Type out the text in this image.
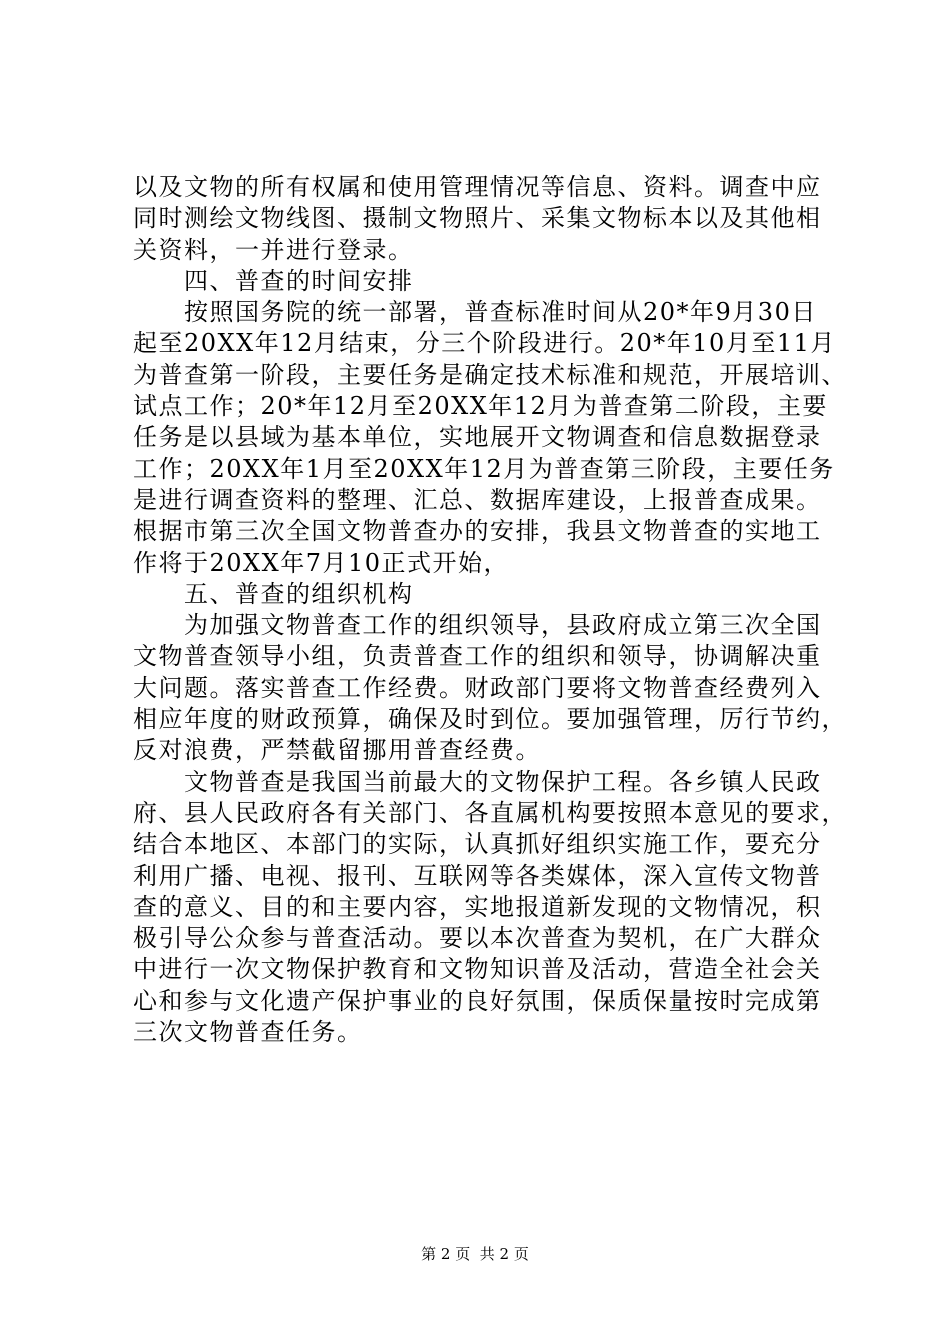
以及文物的所有权属和使用管理情况等信息、资料。调查中应
同时测绘文物线图、摄制文物照片、采集文物标本以及其他相
关资料，一并进行登录。
　　四、普查的时间安排
　　按照国务院的统一部署，普查标准时间从20*年9月30日
起至20XX年12月结束，分三个阶段进行。20*年10月至11月
为普查第一阶段，主要任务是确定技术标准和规范，开展培训、
试点工作；20*年12月至20XX年12月为普查第二阶段，主要
任务是以县域为基本单位，实地展开文物调查和信息数据登录
工作；20XX年1月至20XX年12月为普查第三阶段，主要任务
是进行调查资料的整理、汇总、数据库建设，上报普查成果。
根据市第三次全国文物普查办的安排，我县文物普查的实地工
作将于20XX年7月10正式开始，
　　五、普查的组织机构
　　为加强文物普查工作的组织领导，县政府成立第三次全国
文物普查领导小组，负责普查工作的组织和领导，协调解决重
大问题。落实普查工作经费。财政部门要将文物普查经费列入
相应年度的财政预算，确保及时到位。要加强管理，厉行节约，
反对浪费，严禁截留挪用普查经费。
　　文物普查是我国当前最大的文物保护工程。各乡镇人民政
府、县人民政府各有关部门、各直属机构要按照本意见的要求，
结合本地区、本部门的实际，认真抓好组织实施工作，要充分
利用广播、电视、报刊、互联网等各类媒体，深入宣传文物普
查的意义、目的和主要内容，实地报道新发现的文物情况，积
极引导公众参与普查活动。要以本次普查为契机，在广大群众
中进行一次文物保护教育和文物知识普及活动，营造全社会关
心和参与文化遗产保护事业的良好氛围，保质保量按时完成第
三次文物普查任务。
第 2 页  共 2 页
